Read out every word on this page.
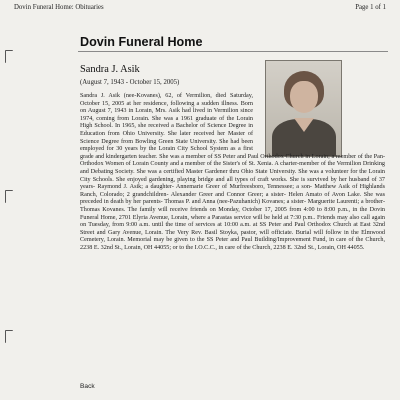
Dovin Funeral Home: Obituaries	Page 1 of 1
Dovin Funeral Home
Sandra J. Asik
(August 7, 1943 - October 15, 2005)

Sandra J. Asik (nee-Kovanes), 62, of Vermilion, died Saturday, October 15, 2005 at her residence, following a sudden illness. Born on August 7, 1943 in Lorain, Mrs. Asik had lived in Vermilion since 1974, coming from Lorain. She was a 1961 graduate of the Lorain High School. In 1965, she received a Bachelor of Science Degree in Education from Ohio University. She later received her Master of Science Degree from Bowling Green State University. She had been employed for 30 years by the Lorain City School System as a first grade and kindergarten teacher. She was a member of SS Peter and Paul Orthodox Church in Lorain; a member of the Pan-Orthodox Women of Lorain County and a member of the Sister's of St. Xenia. A charter-member of the Vermilion Drinking and Debating Society. She was a certified Master Gardener thru Ohio State University. She was a volunteer for the Lorain City Schools. She enjoyed gardening, playing bridge and all types of craft works. She is survived by her husband of 37 years- Raymond J. Asik; a daughter- Annemarie Greer of Murfreesboro, Tennessee; a son- Matthew Asik of Highlands Ranch, Colorado; 2 grandchildren- Alexander Greer and Connor Greer; a sister- Helen Amato of Avon Lake. She was preceded in death by her parents- Thomas P. and Anna (nee-Pazuhanich) Kovanes; a sister- Marguerite Laurenti; a brother- Thomas Kovanes. The family will receive friends on Monday, October 17, 2005 from 4:00 to 8:00 p.m., in the Dovin Funeral Home, 2701 Elyria Avenue, Lorain, where a Parastas service will be held at 7:30 p.m.. Friends may also call again on Tuesday, from 9:00 a.m. until the time of services at 10:00 a.m. at SS Peter and Paul Orthodox Church at East 32nd Street and Gary Avenue, Lorain. The Very Rev. Basil Stoyka, pastor, will officiate. Burial will follow in the Elmwood Cemetery, Lorain. Memorial may be given to the SS Peter and Paul Building/Improvement Fund, in care of the Church, 2238 E. 32nd St., Lorain, OH 44055; or to the I.O.C.C., in care of the Church, 2238 E. 32nd St., Lorain, OH 44055.

Back
